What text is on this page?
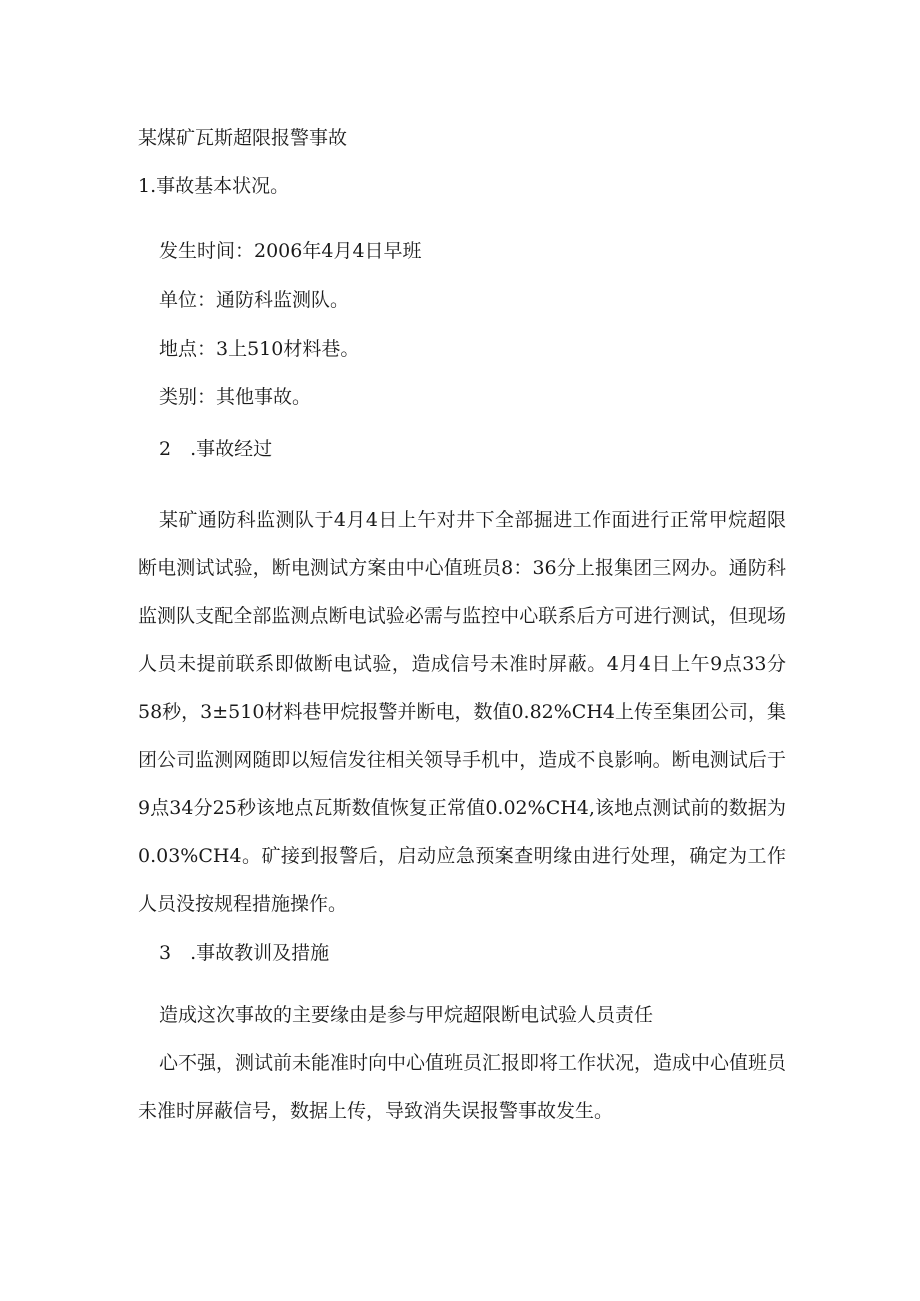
某煤矿瓦斯超限报警事故
1.事故基本状况。
发生时间：2006年4月4日早班
单位：通防科监测队。
地点：3上510材料巷。
类别：其他事故。
2　.事故经过

某矿通防科监测队于4月4日上午对井下全部掘进工作面进行正常甲烷超限断电测试试验，断电测试方案由中心值班员8：36分上报集团三网办。通防科监测队支配全部监测点断电试验必需与监控中心联系后方可进行测试，但现场人员未提前联系即做断电试验，造成信号未准时屏蔽。4月4日上午9点33分58秒，3±510材料巷甲烷报警并断电，数值0.82%CH4上传至集团公司，集团公司监测网随即以短信发往相关领导手机中，造成不良影响。断电测试后于9点34分25秒该地点瓦斯数值恢复正常值0.02%CH4,该地点测试前的数据为0.03%CH4。矿接到报警后，启动应急预案查明缘由进行处理，确定为工作人员没按规程措施操作。

3　.事故教训及措施
造成这次事故的主要缘由是参与甲烷超限断电试验人员责任

心不强，测试前未能准时向中心值班员汇报即将工作状况，造成中心值班员未准时屏蔽信号，数据上传，导致消失误报警事故发生。
